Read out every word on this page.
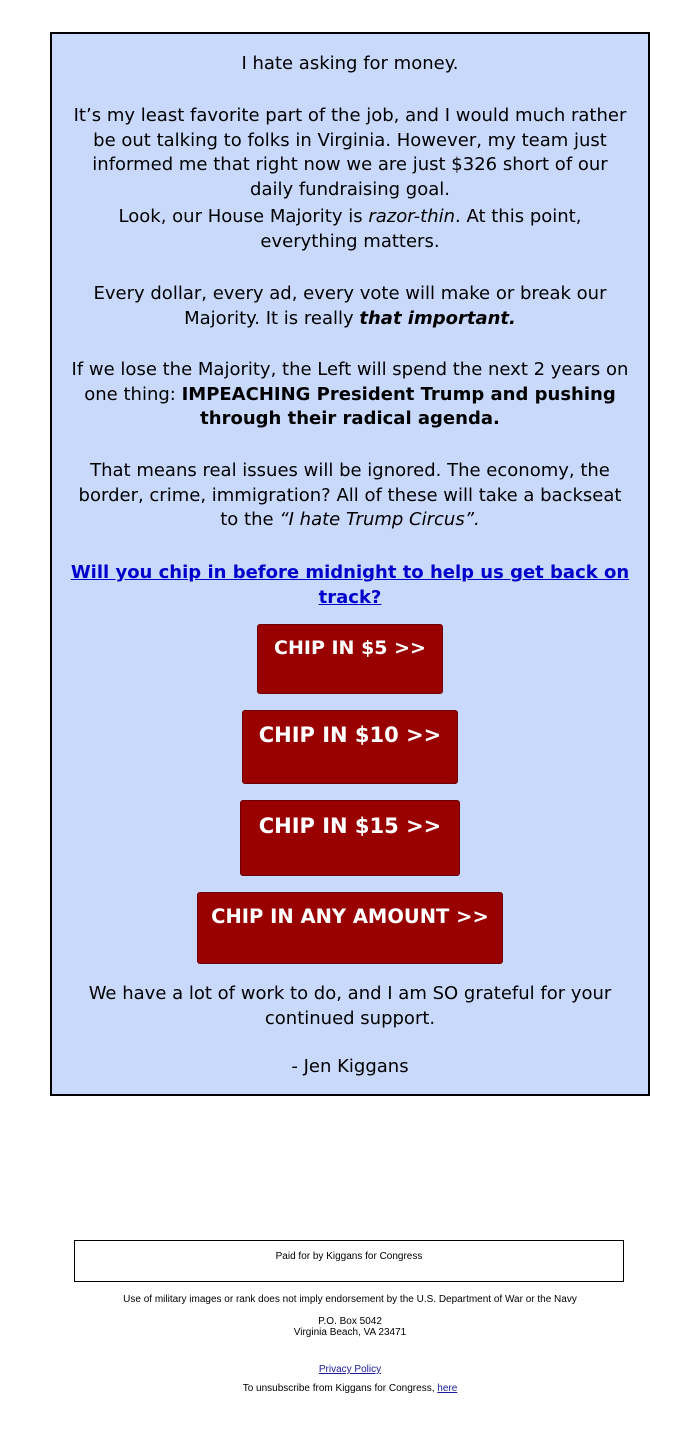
I hate asking for money.

It’s my least favorite part of the job, and I would much rather be out talking to folks in Virginia. However, my team just informed me that right now we are just $326 short of our daily fundraising goal.

Look, our House Majority is razor-thin. At this point, everything matters.

Every dollar, every ad, every vote will make or break our Majority. It is really that important.

If we lose the Majority, the Left will spend the next 2 years on one thing: IMPEACHING President Trump and pushing through their radical agenda.

That means real issues will be ignored. The economy, the border, crime, immigration? All of these will take a backseat to the “I hate Trump Circus”.

Will you chip in before midnight to help us get back on track?

CHIP IN $5 >>
CHIP IN $10 >>
CHIP IN $15 >>
CHIP IN ANY AMOUNT >>

We have a lot of work to do, and I am SO grateful for your continued support.

- Jen Kiggans

Paid for by Kiggans for Congress
Use of military images or rank does not imply endorsement by the U.S. Department of War or the Navy
P.O. Box 5042
Virginia Beach, VA 23471
Privacy Policy
To unsubscribe from Kiggans for Congress, here
